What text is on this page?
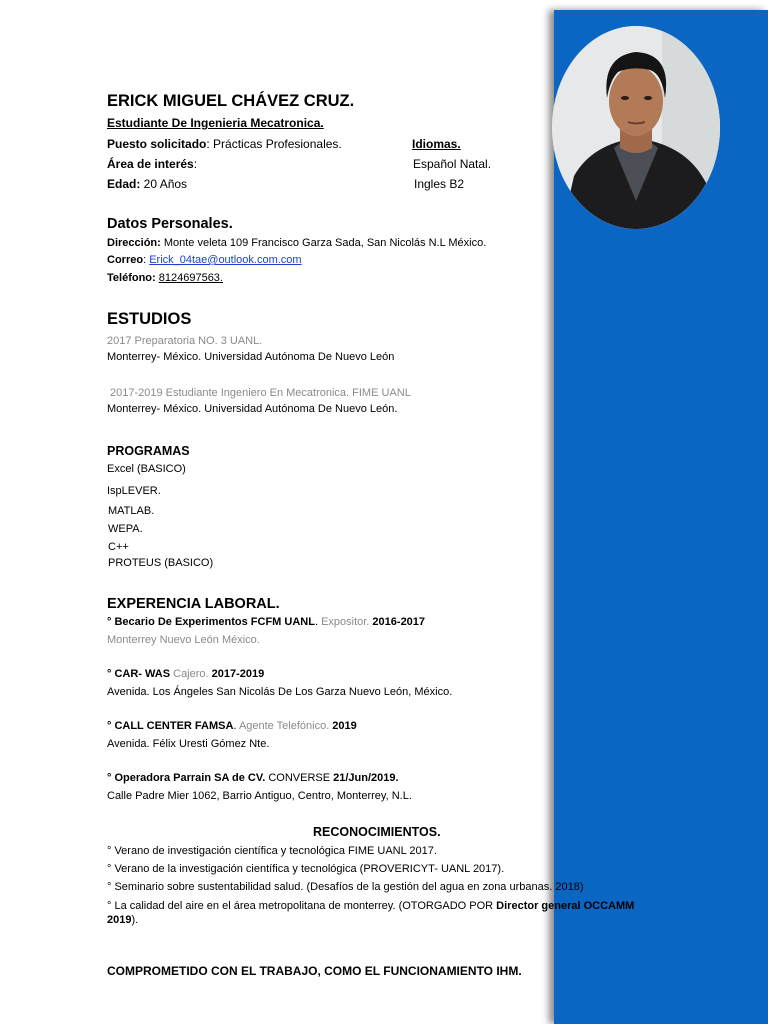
ERICK MIGUEL CHÁVEZ CRUZ.
Estudiante De Ingenieria Mecatronica.
Puesto solicitado: Prácticas Profesionales.
Área de interés:
Edad: 20 Años
Idiomas.
Español Natal.
Ingles B2
Datos Personales.
Dirección: Monte veleta 109 Francisco Garza Sada, San Nicolás N.L México.
Correo: Erick_04tae@outlook.com.com
Teléfono: 8124697563.
ESTUDIOS
2017 Preparatoria NO. 3 UANL.
Monterrey- México. Universidad Autónoma De Nuevo León
2017-2019 Estudiante Ingeniero En Mecatronica. FIME UANL
Monterrey- México. Universidad Autónoma De Nuevo León.
PROGRAMAS
Excel (BASICO)
IspLEVER.
MATLAB.
WEPA.
C++
PROTEUS (BASICO)
EXPERENCIA LABORAL.
° Becario De Experimentos FCFM UANL. Expositor. 2016-2017
Monterrey Nuevo León México.
° CAR- WAS Cajero. 2017-2019
Avenida. Los Ángeles San Nicolás De Los Garza Nuevo León, México.
° CALL CENTER FAMSA. Agente Telefónico. 2019
Avenida. Félix Uresti Gómez Nte.
° Operadora Parrain SA de CV. CONVERSE 21/Jun/2019.
Calle Padre Mier 1062, Barrio Antiguo, Centro, Monterrey, N.L.
RECONOCIMIENTOS.
° Verano de investigación científica y tecnológica FIME UANL 2017.
° Verano de la investigación científica y tecnológica (PROVERICYT- UANL 2017).
° Seminario sobre sustentabilidad salud. (Desafíos de la gestión del agua en zona urbanas. 2018)
° La calidad del aire en el área metropolitana de monterrey. (OTORGADO POR Director general OCCAMM
2019).
COMPROMETIDO CON EL TRABAJO, COMO EL FUNCIONAMIENTO IHM.
